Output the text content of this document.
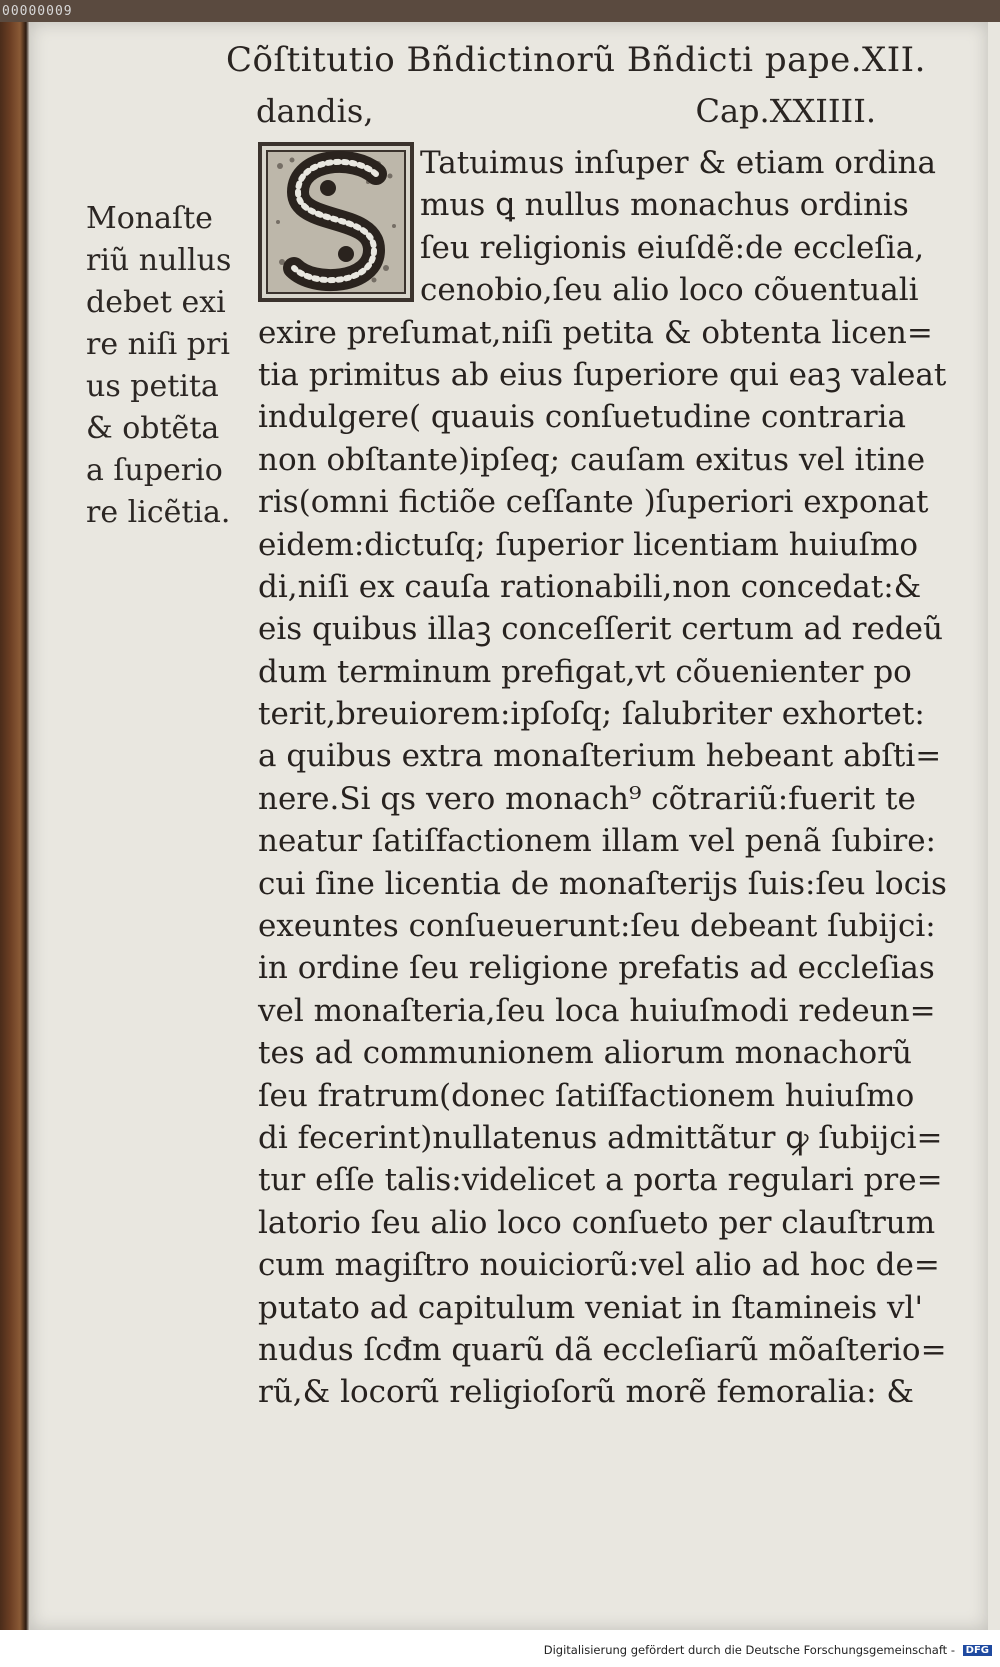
00000009
Cõſtitutio Bñdictinorũ Bñdicti pape.XII.
dandis,	Cap.XXIIII.
Tatuimus inſuper & etiam ordina
mus ꝗ nullus monachus ordinis
ſeu religionis eiuſdẽ:de eccleſia,
cenobio,ſeu alio loco cõuentuali
exire preſumat,niſi petita & obtenta licen=
tia primitus ab eius ſuperiore qui eaꝫ valeat
indulgere( quauis conſuetudine contraria
non obſtante)ipſeq; cauſam exitus vel itine
ris(omni fictiõe ceſſante )ſuperiori exponat
eidem:dictuſq; ſuperior licentiam huiuſmo
di,niſi ex cauſa rationabili,non concedat:&
eis quibus illaꝫ conceſſerit certum ad redeũ
dum terminum prefigat,vt cõuenienter po
terit,breuiorem:ipſoſq; ſalubriter exhortet:
a quibus extra monaſterium hebeant abſti=
nere.Si qs vero monach⁹ cõtrariũ:fuerit te
neatur ſatiſfactionem illam vel penã ſubire:
cui ſine licentia de monaſterijs ſuis:ſeu locis
exeuntes conſueuerunt:ſeu debeant ſubijci:
in ordine ſeu religione prefatis ad eccleſias
vel monaſteria,ſeu loca huiuſmodi redeun=
tes ad communionem aliorum monachorũ
ſeu fratrum(donec ſatiſfactionem huiuſmo
di fecerint)nullatenus admittãtur ꝙ ſubijci=
tur eſſe talis:videlicet a porta regulari pre=
latorio ſeu alio loco conſueto per clauſtrum
cum magiſtro nouiciorũ:vel alio ad hoc de=
putato ad capitulum veniat in ſtamineis vl'
nudus ſcđm quarũ dã eccleſiarũ mõaſterio=
rũ,& locorũ religioſorũ morẽ femoralia: &
Monaſte
riũ nullus
debet exi
re niſi pri
us petita
& obtẽta
a ſuperio
re licẽtia.
Digitalisierung gefördert durch die Deutsche Forschungsgemeinschaft - DFG
